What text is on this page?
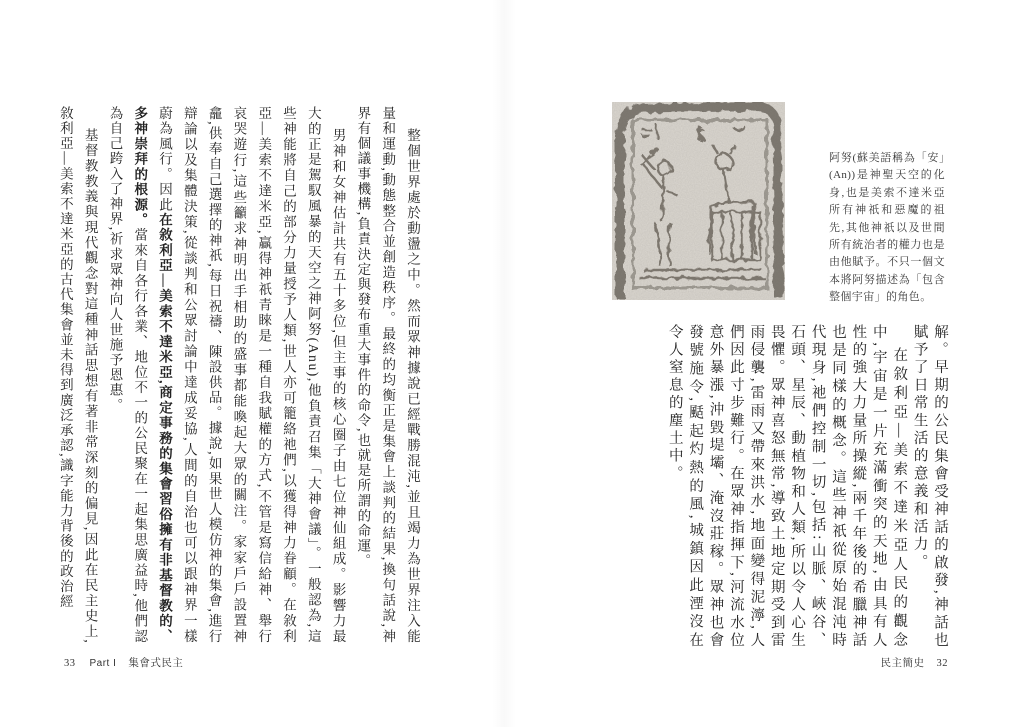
阿努(蘇美語稱為「安」(An))是神聖天空的化身,也是美索不達米亞所有神祇和惡魔的祖先,其他神祇以及世間所有統治者的權力也是由他賦予。不只一個文本將阿努描述為「包含整個宇宙」的角色。

解。早期的公民集會受神話的啟發,神話也賦予了日常生活的意義和活力。

在敘利亞—美索不達米亞人民的觀念中,宇宙是一片充滿衝突的天地,由具有人性的強大力量所操縱,兩千年後的希臘神話也是同樣的概念。這些神祇從原始混沌時代現身,祂們控制一切,包括:山脈、峽谷、石頭、星辰、動植物和人類,所以令人心生畏懼。眾神喜怒無常,導致土地定期受到雷雨侵襲,雷雨又帶來洪水,地面變得泥濘,人們因此寸步難行。在眾神指揮下,河流水位意外暴漲,沖毀堤壩、淹沒莊稼。眾神也會發號施令,颳起灼熱的風,城鎮因此湮沒在令人窒息的塵土中。

民主簡史 32

整個世界處於動盪之中。然而眾神據說已經戰勝混沌,並且竭力為世界注入能量和運動,動態整合並創造秩序。最終的均衡正是集會上談判的結果,換句話說,神界有個議事機構,負責決定與發布重大事件的命令,也就是所謂的命運。

男神和女神估計共有五十多位,但主事的核心圈子由七位神仙組成。影響力最大的正是駕馭風暴的天空之神阿努(Anu),他負責召集「大神會議」。一般認為,這些神能將自己的部分力量授予人類,世人亦可籠絡祂們,以獲得神力眷顧。在敘利亞—美索不達米亞,贏得神祇青睞是一種自我賦權的方式,不管是寫信給神、舉行哀哭遊行,這些籲求神明出手相助的盛事都能喚起大眾的關注。家家戶戶設置神龕,供奉自己選擇的神祇,每日祝禱、陳設供品。據說,如果世人模仿神的集會,進行辯論以及集體決策,從談判和公眾討論中達成妥協,人間的自治也可以跟神界一樣蔚為風行。因此在敘利亞—美索不達米亞,商定事務的集會習俗擁有非基督教的、多神崇拜的根源。當來自各行各業、地位不一的公民聚在一起集思廣益時,他們認為自己跨入了神界,祈求眾神向人世施予恩惠。

基督教教義與現代觀念對這種神話思想有著非常深刻的偏見,因此在民主史上,敘利亞—美索不達米亞的古代集會並未得到廣泛承認,識字能力背後的政治經

33 Part I 集會式民主
